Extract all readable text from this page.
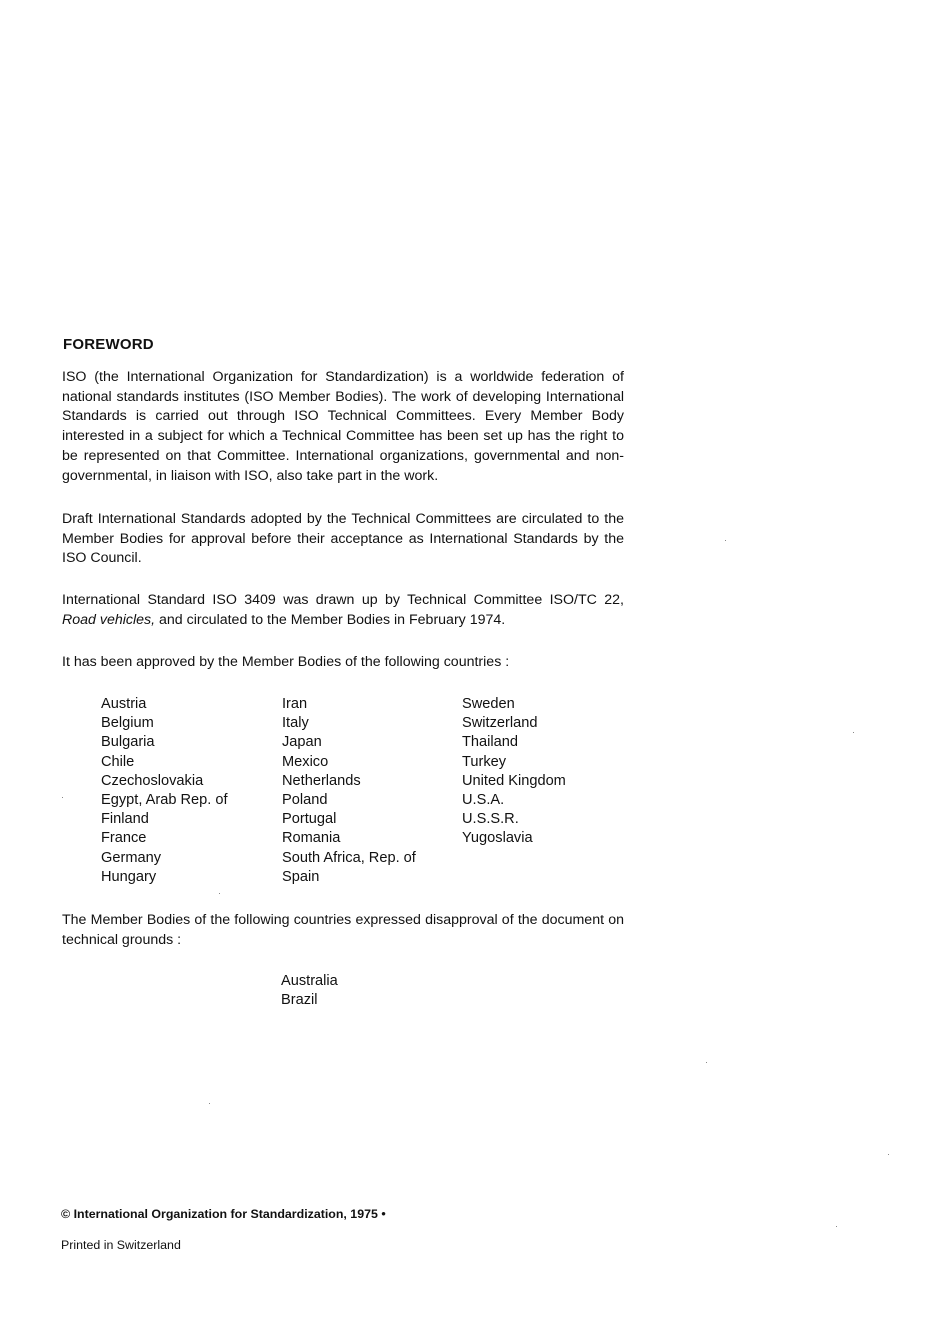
FOREWORD

ISO (the International Organization for Standardization) is a worldwide federation of national standards institutes (ISO Member Bodies). The work of developing International Standards is carried out through ISO Technical Committees. Every Member Body interested in a subject for which a Technical Committee has been set up has the right to be represented on that Committee. International organizations, governmental and non-governmental, in liaison with ISO, also take part in the work.

Draft International Standards adopted by the Technical Committees are circulated to the Member Bodies for approval before their acceptance as International Standards by the ISO Council.

International Standard ISO 3409 was drawn up by Technical Committee ISO/TC 22, Road vehicles, and circulated to the Member Bodies in February 1974.

It has been approved by the Member Bodies of the following countries :

Austria
Belgium
Bulgaria
Chile
Czechoslovakia
Egypt, Arab Rep. of
Finland
France
Germany
Hungary
Iran
Italy
Japan
Mexico
Netherlands
Poland
Portugal
Romania
South Africa, Rep. of
Spain
Sweden
Switzerland
Thailand
Turkey
United Kingdom
U.S.A.
U.S.S.R.
Yugoslavia

The Member Bodies of the following countries expressed disapproval of the document on technical grounds :

Australia
Brazil
© International Organization for Standardization, 1975 •
Printed in Switzerland
